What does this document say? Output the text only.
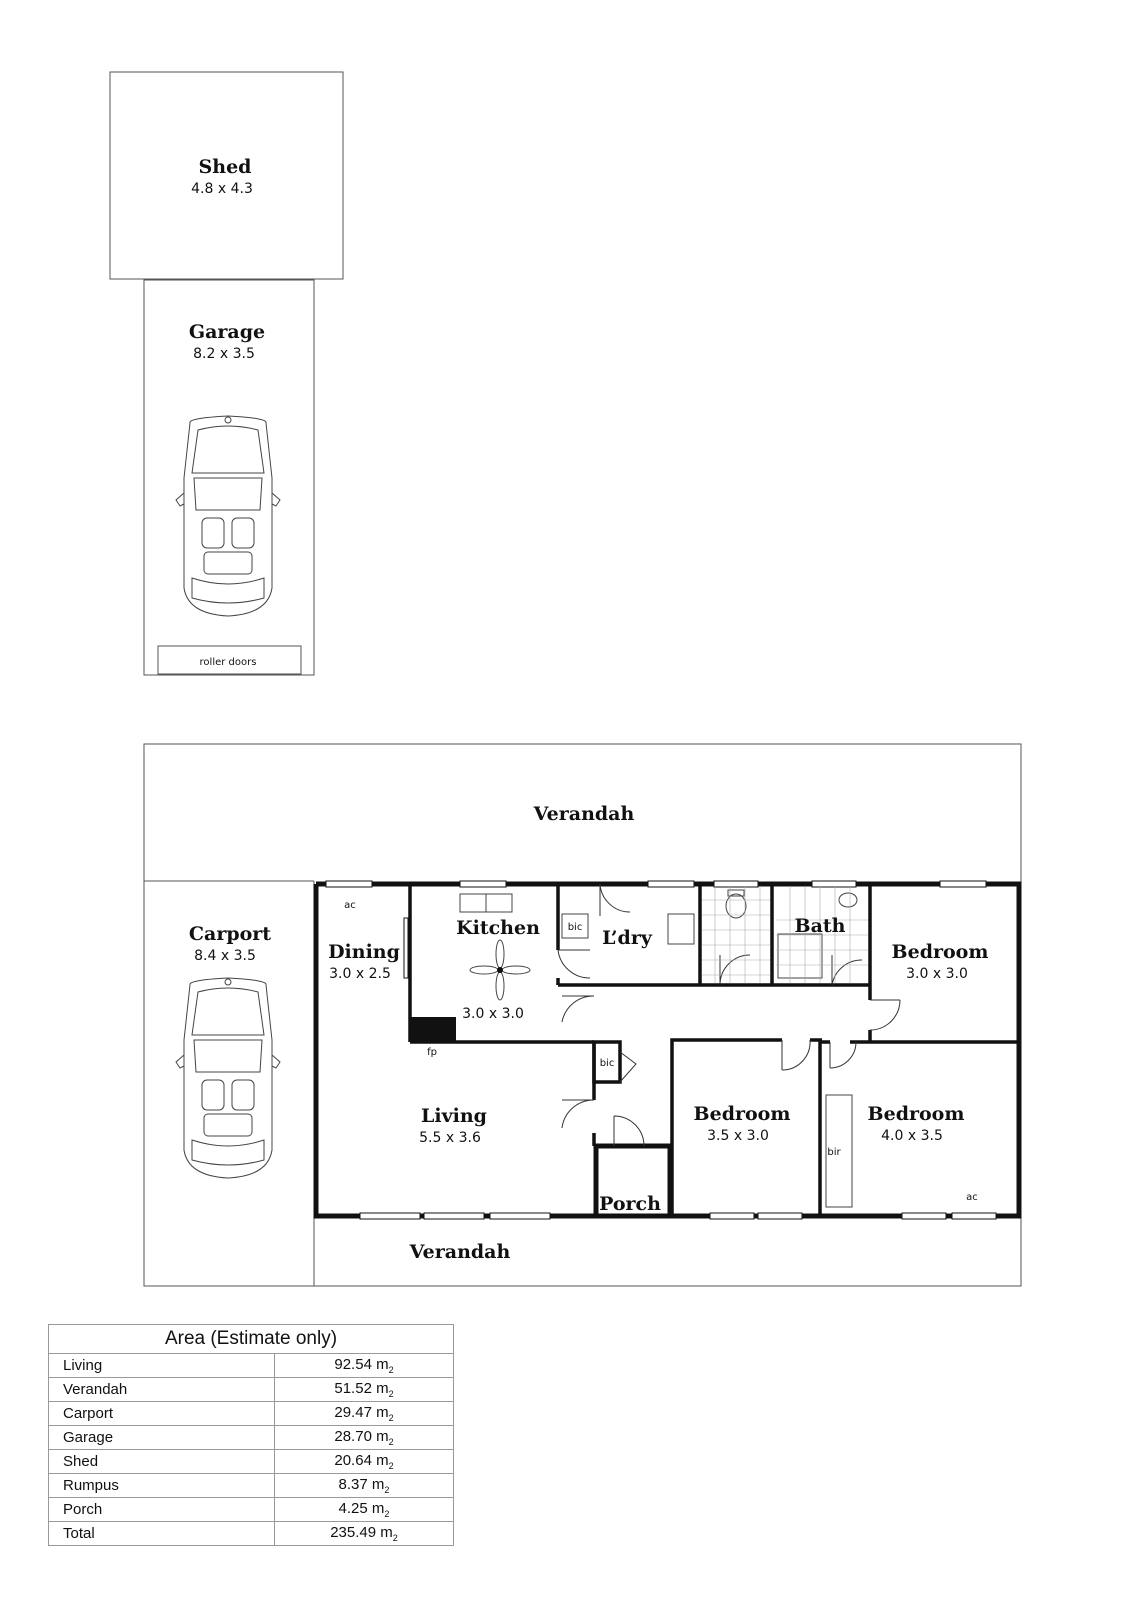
Shed
4.8 x 4.3
Garage
8.2 x 3.5
roller doors
Verandah
Carport
8.4 x 3.5
ac
bic
fp
bic
bir
ac
Dining
3.0 x 2.5
Kitchen
3.0 x 3.0
L’dry
Bath
Bedroom
3.0 x 3.0
Living
5.5 x 3.6
Bedroom
3.5 x 3.0
Bedroom
4.0 x 3.5
Porch
Verandah
Area (Estimate only)
Living	92.54 $m_2$
Verandah	51.52 $m_2$
Carport	29.47 $m_2$
Garage	28.70 $m_2$
Shed	20.64 $m_2$
Rumpus	8.37 $m_2$
Porch	4.25 $m_2$
Total	235.49 $m_2$
